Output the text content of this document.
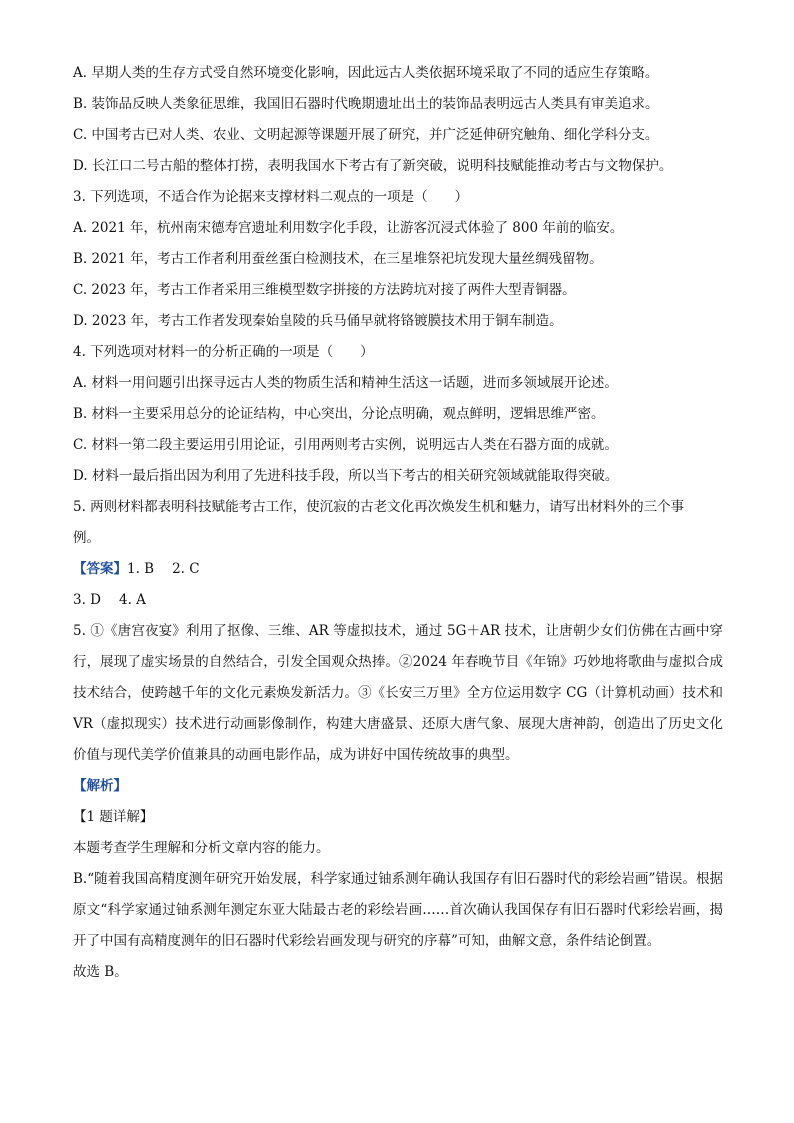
A. 早期人类的生存方式受自然环境变化影响，因此远古人类依据环境采取了不同的适应生存策略。

B. 装饰品反映人类象征思维，我国旧石器时代晚期遗址出土的装饰品表明远古人类具有审美追求。

C. 中国考古已对人类、农业、文明起源等课题开展了研究，并广泛延伸研究触角、细化学科分支。

D. 长江口二号古船的整体打捞，表明我国水下考古有了新突破，说明科技赋能推动考古与文物保护。

3. 下列选项，不适合作为论据来支撑材料二观点的一项是（　　）

A. 2021 年，杭州南宋德寿宫遗址利用数字化手段，让游客沉浸式体验了 800 年前的临安。

B. 2021 年，考古工作者利用蚕丝蛋白检测技术，在三星堆祭祀坑发现大量丝绸残留物。

C. 2023 年，考古工作者采用三维模型数字拼接的方法跨坑对接了两件大型青铜器。

D. 2023 年，考古工作者发现秦始皇陵的兵马俑早就将铬镀膜技术用于铜车制造。

4. 下列选项对材料一的分析正确的一项是（　　）

A. 材料一用问题引出探寻远古人类的物质生活和精神生活这一话题，进而多领域展开论述。

B. 材料一主要采用总分的论证结构，中心突出，分论点明确，观点鲜明，逻辑思维严密。

C. 材料一第二段主要运用引用论证，引用两则考古实例，说明远古人类在石器方面的成就。

D. 材料一最后指出因为利用了先进科技手段，所以当下考古的相关研究领域就能取得突破。

5. 两则材料都表明科技赋能考古工作，使沉寂的古老文化再次焕发生机和魅力，请写出材料外的三个事

例。

【答案】1. B 2. C

3. D 4. A

5. ①《唐宫夜宴》利用了抠像、三维、AR 等虚拟技术，通过 5G＋AR 技术，让唐朝少女们仿佛在古画中穿行，展现了虚实场景的自然结合，引发全国观众热捧。②2024 年春晚节目《年锦》巧妙地将歌曲与虚拟合成技术结合，使跨越千年的文化元素焕发新活力。③《长安三万里》全方位运用数字 CG（计算机动画）技术和 VR（虚拟现实）技术进行动画影像制作，构建大唐盛景、还原大唐气象、展现大唐神韵，创造出了历史文化价值与现代美学价值兼具的动画电影作品，成为讲好中国传统故事的典型。

【解析】

【1 题详解】

本题考查学生理解和分析文章内容的能力。

B.“随着我国高精度测年研究开始发展，科学家通过铀系测年确认我国存有旧石器时代的彩绘岩画”错误。根据原文“科学家通过铀系测年测定东亚大陆最古老的彩绘岩画……首次确认我国保存有旧石器时代彩绘岩画，揭开了中国有高精度测年的旧石器时代彩绘岩画发现与研究的序幕”可知，曲解文意，条件结论倒置。

故选 B。
